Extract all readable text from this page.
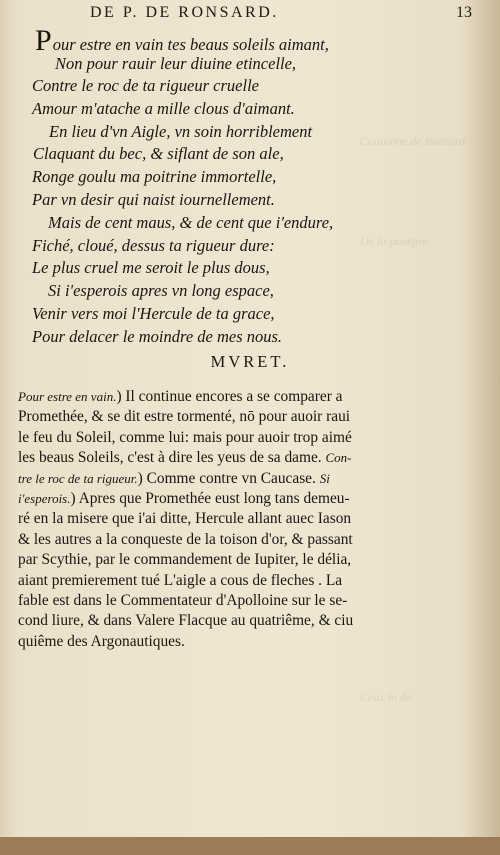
Couronne de Ronsard
De la pourpre
Ceux la de
DE P. DE RONSARD.	13
Pour estre en vain tes beaus soleils aimant,
Non pour rauir leur diuine etincelle,
Contre le roc de ta rigueur cruelle
Amour m'atache a mille clous d'aimant.
En lieu d'vn Aigle, vn soin horriblement
Claquant du bec, & siflant de son ale,
Ronge goulu ma poitrine immortelle,
Par vn desir qui naist iournellement.
Mais de cent maus, & de cent que i'endure,
Fiché, cloué, dessus ta rigueur dure:
Le plus cruel me seroit le plus dous,
Si i'esperois apres vn long espace,
Venir vers moi l'Hercule de ta grace,
Pour delacer le moindre de mes nous.
MVRET.
Pour estre en vain.) Il continue encores a se comparer a
Promethée, & se dit estre tormenté, nō pour auoir raui
le feu du Soleil, comme lui: mais pour auoir trop aimé
les beaus Soleils, c'est à dire les yeus de sa dame. Con-
tre le roc de ta rigueur.) Comme contre vn Caucase. Si
i'esperois.) Apres que Promethée eust long tans demeu-
ré en la misere que i'ai ditte, Hercule allant auec Iason
& les autres a la conqueste de la toison d'or, & passant
par Scythie, par le commandement de Iupiter, le délia,
aiant premierement tué L'aigle a cous de fleches . La
fable est dans le Commentateur d'Apolloine sur le se-
cond liure, & dans Valere Flacque au quatriême, & ciu
quiême des Argonautiques.
